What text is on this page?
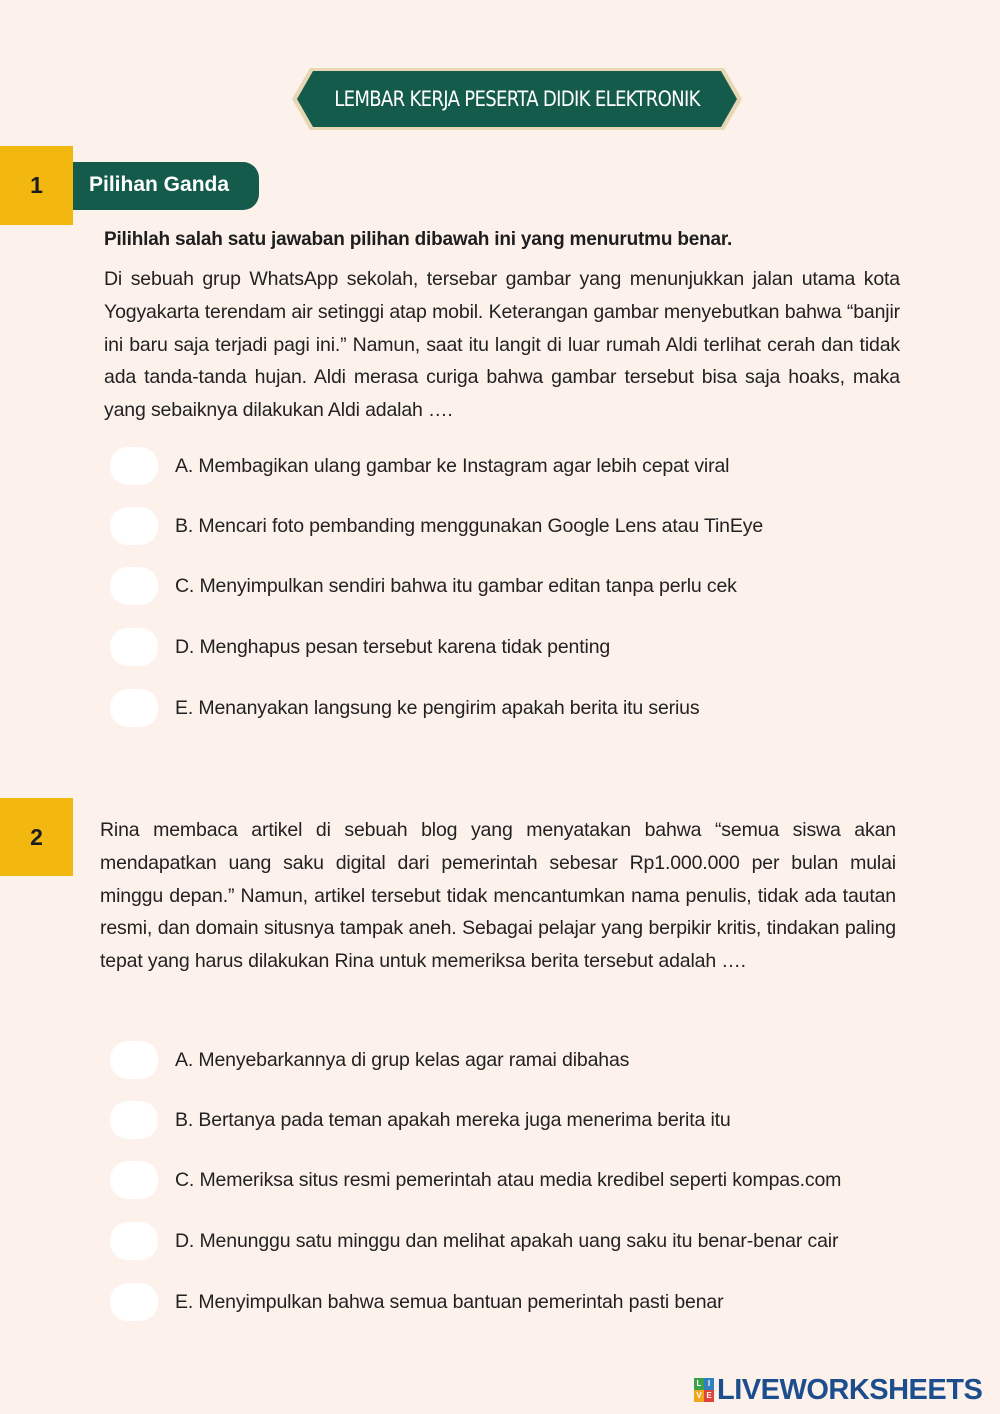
LEMBAR KERJA PESERTA DIDIK ELEKTRONIK
1	Pilihan Ganda
Pilihlah salah satu jawaban pilihan dibawah ini yang menurutmu benar.
Di sebuah grup WhatsApp sekolah, tersebar gambar yang menunjukkan jalan utama kota Yogyakarta terendam air setinggi atap mobil. Keterangan gambar menyebutkan bahwa “banjir ini baru saja terjadi pagi ini.” Namun, saat itu langit di luar rumah Aldi terlihat cerah dan tidak ada tanda-tanda hujan. Aldi merasa curiga bahwa gambar tersebut bisa saja hoaks, maka yang sebaiknya dilakukan Aldi adalah ….
A. Membagikan ulang gambar ke Instagram agar lebih cepat viral
B. Mencari foto pembanding menggunakan Google Lens atau TinEye
C. Menyimpulkan sendiri bahwa itu gambar editan tanpa perlu cek
D. Menghapus pesan tersebut karena tidak penting
E. Menanyakan langsung ke pengirim apakah berita itu serius
2	Rina membaca artikel di sebuah blog yang menyatakan bahwa “semua siswa akan mendapatkan uang saku digital dari pemerintah sebesar Rp1.000.000 per bulan mulai minggu depan.” Namun, artikel tersebut tidak mencantumkan nama penulis, tidak ada tautan resmi, dan domain situsnya tampak aneh. Sebagai pelajar yang berpikir kritis, tindakan paling tepat yang harus dilakukan Rina untuk memeriksa berita tersebut adalah ….
A. Menyebarkannya di grup kelas agar ramai dibahas
B. Bertanya pada teman apakah mereka juga menerima berita itu
C. Memeriksa situs resmi pemerintah atau media kredibel seperti kompas.com
D. Menunggu satu minggu dan melihat apakah uang saku itu benar-benar cair
E. Menyimpulkan bahwa semua bantuan pemerintah pasti benar
L I
V E LIVEWORKSHEETS
